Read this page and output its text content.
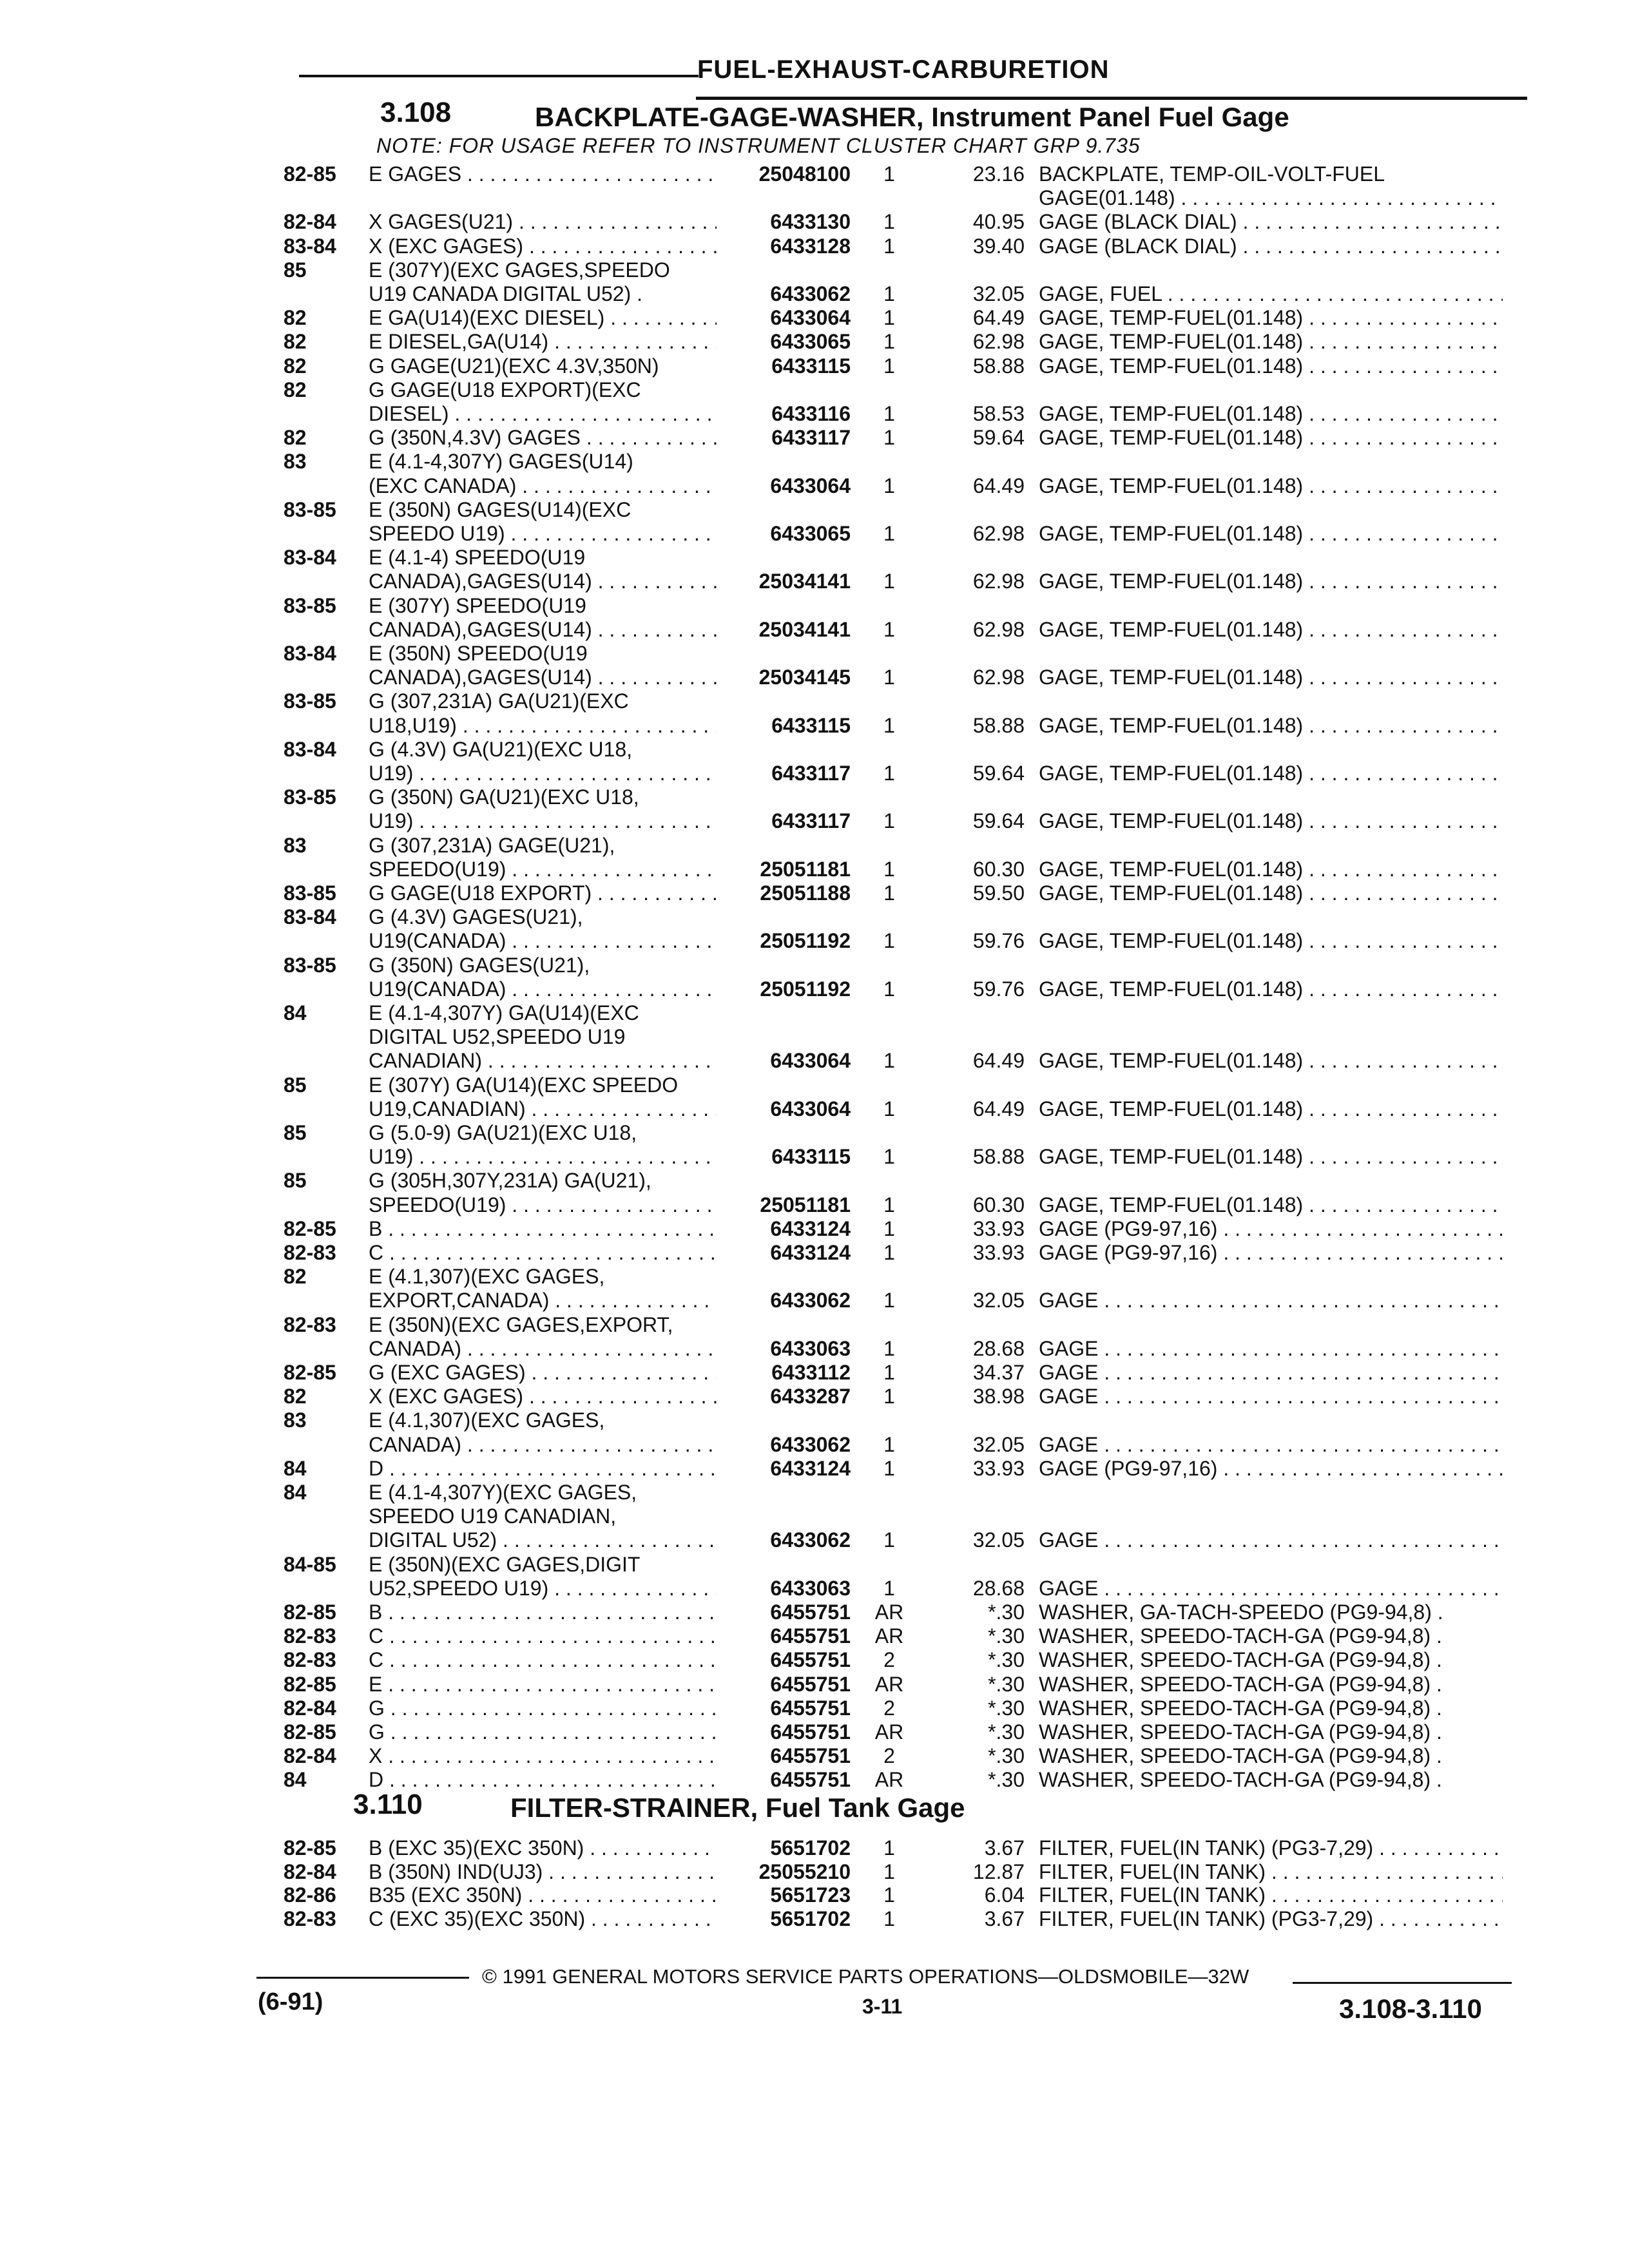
FUEL-EXHAUST-CARBURETION
3.108	BACKPLATE-GAGE-WASHER, Instrument Panel Fuel Gage
NOTE: FOR USAGE REFER TO INSTRUMENT CLUSTER CHART GRP 9.735
82-85	E GAGES . . .	25048100	1	23.16 BACKPLATE, TEMP-OIL-VOLT-FUEL
GAGE(01.148) . . .
82-84	X GAGES(U21) . . .	6433130	1	40.95 GAGE (BLACK DIAL) . . .
83-84	X (EXC GAGES) . . .	6433128	1	39.40 GAGE (BLACK DIAL) . . .
85	E (307Y)(EXC GAGES,SPEEDO
U19 CANADA DIGITAL U52) .	6433062	1	32.05 GAGE, FUEL . . .
82	E GA(U14)(EXC DIESEL) . . .	6433064	1	64.49 GAGE, TEMP-FUEL(01.148) . . .
82	E DIESEL,GA(U14) . . .	6433065	1	62.98 GAGE, TEMP-FUEL(01.148) . . .
82	G GAGE(U21)(EXC 4.3V,350N)	6433115	1	58.88 GAGE, TEMP-FUEL(01.148) . . .
82	G GAGE(U18 EXPORT)(EXC
DIESEL) . . .	6433116	1	58.53 GAGE, TEMP-FUEL(01.148) . . .
82	G (350N,4.3V) GAGES . . .	6433117	1	59.64 GAGE, TEMP-FUEL(01.148) . . .
83	E (4.1-4,307Y) GAGES(U14)
(EXC CANADA) . . .	6433064	1	64.49 GAGE, TEMP-FUEL(01.148) . . .
83-85	E (350N) GAGES(U14)(EXC
SPEEDO U19) . . .	6433065	1	62.98 GAGE, TEMP-FUEL(01.148) . . .
83-84	E (4.1-4) SPEEDO(U19
CANADA),GAGES(U14) . . .	25034141	1	62.98 GAGE, TEMP-FUEL(01.148) . . .
83-85	E (307Y) SPEEDO(U19
CANADA),GAGES(U14) . . .	25034141	1	62.98 GAGE, TEMP-FUEL(01.148) . . .
83-84	E (350N) SPEEDO(U19
CANADA),GAGES(U14) . . .	25034145	1	62.98 GAGE, TEMP-FUEL(01.148) . . .
83-85	G (307,231A) GA(U21)(EXC
U18,U19) . . .	6433115	1	58.88 GAGE, TEMP-FUEL(01.148) . . .
83-84	G (4.3V) GA(U21)(EXC U18,
U19) . . .	6433117	1	59.64 GAGE, TEMP-FUEL(01.148) . . .
83-85	G (350N) GA(U21)(EXC U18,
U19) . . .	6433117	1	59.64 GAGE, TEMP-FUEL(01.148) . . .
83	G (307,231A) GAGE(U21),
SPEEDO(U19) . . .	25051181	1	60.30 GAGE, TEMP-FUEL(01.148) . . .
83-85	G GAGE(U18 EXPORT) . . .	25051188	1	59.50 GAGE, TEMP-FUEL(01.148) . . .
83-84	G (4.3V) GAGES(U21),
U19(CANADA) . . .	25051192	1	59.76 GAGE, TEMP-FUEL(01.148) . . .
83-85	G (350N) GAGES(U21),
U19(CANADA) . . .	25051192	1	59.76 GAGE, TEMP-FUEL(01.148) . . .
84	E (4.1-4,307Y) GA(U14)(EXC
DIGITAL U52,SPEEDO U19
CANADIAN) . . .	6433064	1	64.49 GAGE, TEMP-FUEL(01.148) . . .
85	E (307Y) GA(U14)(EXC SPEEDO
U19,CANADIAN) . . .	6433064	1	64.49 GAGE, TEMP-FUEL(01.148) . . .
85	G (5.0-9) GA(U21)(EXC U18,
U19) . . .	6433115	1	58.88 GAGE, TEMP-FUEL(01.148) . . .
85	G (305H,307Y,231A) GA(U21),
SPEEDO(U19) . . .	25051181	1	60.30 GAGE, TEMP-FUEL(01.148) . . .
82-85	B . . .	6433124	1	33.93 GAGE (PG9-97,16) . . .
82-83	C . . .	6433124	1	33.93 GAGE (PG9-97,16) . . .
82	E (4.1,307)(EXC GAGES,
EXPORT,CANADA) . . .	6433062	1	32.05 GAGE . . .
82-83	E (350N)(EXC GAGES,EXPORT,
CANADA) . . .	6433063	1	28.68 GAGE . . .
82-85	G (EXC GAGES) . . .	6433112	1	34.37 GAGE . . .
82	X (EXC GAGES) . . .	6433287	1	38.98 GAGE . . .
83	E (4.1,307)(EXC GAGES,
CANADA) . . .	6433062	1	32.05 GAGE . . .
84	D . . .	6433124	1	33.93 GAGE (PG9-97,16) . . .
84	E (4.1-4,307Y)(EXC GAGES,
SPEEDO U19 CANADIAN,
DIGITAL U52) . . .	6433062	1	32.05 GAGE . . .
84-85	E (350N)(EXC GAGES,DIGIT
U52,SPEEDO U19) . . .	6433063	1	28.68 GAGE . . .
82-85	B . . .	6455751	AR	*.30 WASHER, GA-TACH-SPEEDO (PG9-94,8) .
82-83	C . . .	6455751	AR	*.30 WASHER, SPEEDO-TACH-GA (PG9-94,8) .
82-83	C . . .	6455751	2	*.30 WASHER, SPEEDO-TACH-GA (PG9-94,8) .
82-85	E . . .	6455751	AR	*.30 WASHER, SPEEDO-TACH-GA (PG9-94,8) .
82-84	G . . .	6455751	2	*.30 WASHER, SPEEDO-TACH-GA (PG9-94,8) .
82-85	G . . .	6455751	AR	*.30 WASHER, SPEEDO-TACH-GA (PG9-94,8) .
82-84	X . . .	6455751	2	*.30 WASHER, SPEEDO-TACH-GA (PG9-94,8) .
84	D . . .	6455751	AR	*.30 WASHER, SPEEDO-TACH-GA (PG9-94,8) .
3.110	FILTER-STRAINER, Fuel Tank Gage
82-85	B (EXC 35)(EXC 350N) . . .	5651702	1	3.67 FILTER, FUEL(IN TANK) (PG3-7,29) . . .
82-84	B (350N) IND(UJ3) . . .	25055210	1	12.87 FILTER, FUEL(IN TANK) . . .
82-86	B35 (EXC 350N) . . .	5651723	1	6.04 FILTER, FUEL(IN TANK) . . .
82-83	C (EXC 35)(EXC 350N) . . .	5651702	1	3.67 FILTER, FUEL(IN TANK) (PG3-7,29) . . .
© 1991 GENERAL MOTORS SERVICE PARTS OPERATIONS—OLDSMOBILE—32W
(6-91)	3-11	3.108-3.110
